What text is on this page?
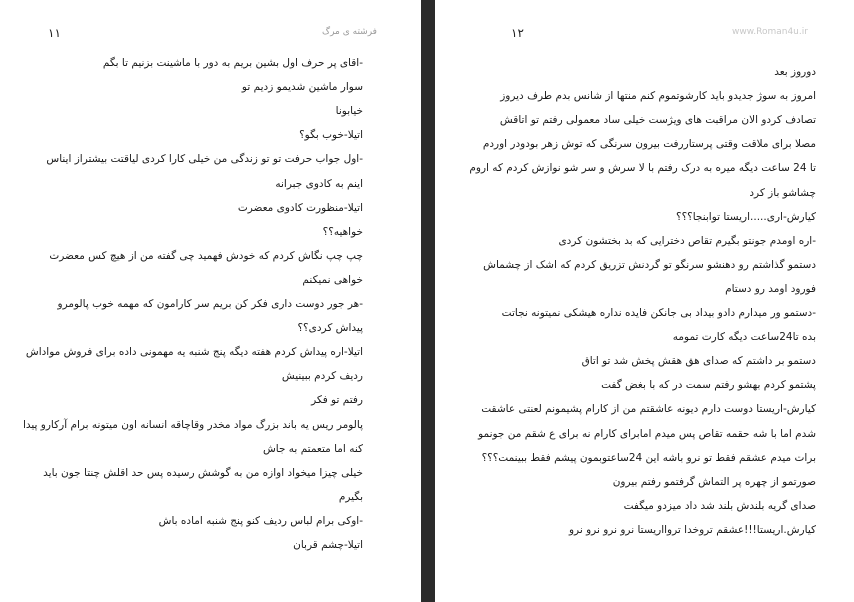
۱۱	فرشته ی مرگ
-اقای پر حرف اول بشین بریم به دور با ماشینت بزنیم تا بگم
سوار ماشین شدیمو زدیم تو
خیابونا
اتیلا-خوب بگو؟
-اول جواب حرفت تو تو زندگی من خیلی کارا کردی لیاقتت بیشتراز ایناس
اینم به کادوی جبرانه
اتیلا-منظورت کادوی معضرت
خواهیه؟؟
چپ چپ نگاش کردم که خودش فهمید چی گفته من از هیچ کس معضرت
خواهی نمیکنم
-هر جور دوست داری فکر کن بریم سر کارامون که مهمه خوب پالومرو
پیداش کردی؟؟
اتیلا-اره پیداش کردم هفته دیگه پنج شنبه یه مهمونی داده برای فروش مواداش
ردیف کردم ببینیش
رفتم تو فکر
پالومر ریس یه باند بزرگ مواد مخدر وقاچاقه انسانه اون میتونه برام آرکارو پیدا
کنه اما متعمتم به جاش
خیلی چیزا میخواد اوازه من به گوشش رسیده پس حد اقلش چنتا جون باید
بگیرم
-اوکی برام لباس ردیف کنو پنج شنبه اماده باش
اتیلا-چشم قربان
۱۲	www.Roman4u.ir
دوروز بعد
امروز به سوژ جدیدو باید کارشوتموم کنم منتها از شانس بدم طرف دیروز
تصادف کردو الان مراقبت های ویژست خیلی ساد معمولی رفتم تو اتاقش
مصلا برای ملاقت وقتی پرستاررفت بیرون سرنگی که توش زهر بودودر اوردم
تا 24 ساعت دیگه میره به درک رفتم با لا سرش و سر شو نوازش کردم که اروم
چشاشو باز کرد
کیارش-اری.....اریستا توابنجا؟؟؟
-اره اومدم جونتو بگیرم تقاص دخترایی که بد بختشون کردی
دستمو گذاشتم رو دهنشو سرنگو تو گردنش تزریق کردم که اشک از چشماش
فورود اومد رو دستام
-دستمو ور میدارم دادو بیداد بی جانکن فایده نداره هیشکی نمیتونه نجاتت
بده تا24ساعت دیگه کارت تمومه
دستمو بر داشتم که صدای هق هقش پخش شد تو اتاق
پشتمو کردم بهشو رفتم سمت در که با بغض گفت
کیارش-اریستا دوست دارم دیونه عاشقتم من از کارام پشیمونم لعنتی عاشقت
شدم اما با شه حقمه تقاص پس میدم امابرای کارام نه برای ع شقم من جونمو
برات میدم عشقم فقط تو نرو باشه این 24ساعتوبمون پیشم فقط ببینمت؟؟؟
صورتمو از چهره پر التماش گرفتمو رفتم بیرون
صدای گریه بلندش بلند شد داد میزدو میگفت
کیارش.اریستا!!!عشقم تروخدا تروااریستا نرو نرو نرو نرو
